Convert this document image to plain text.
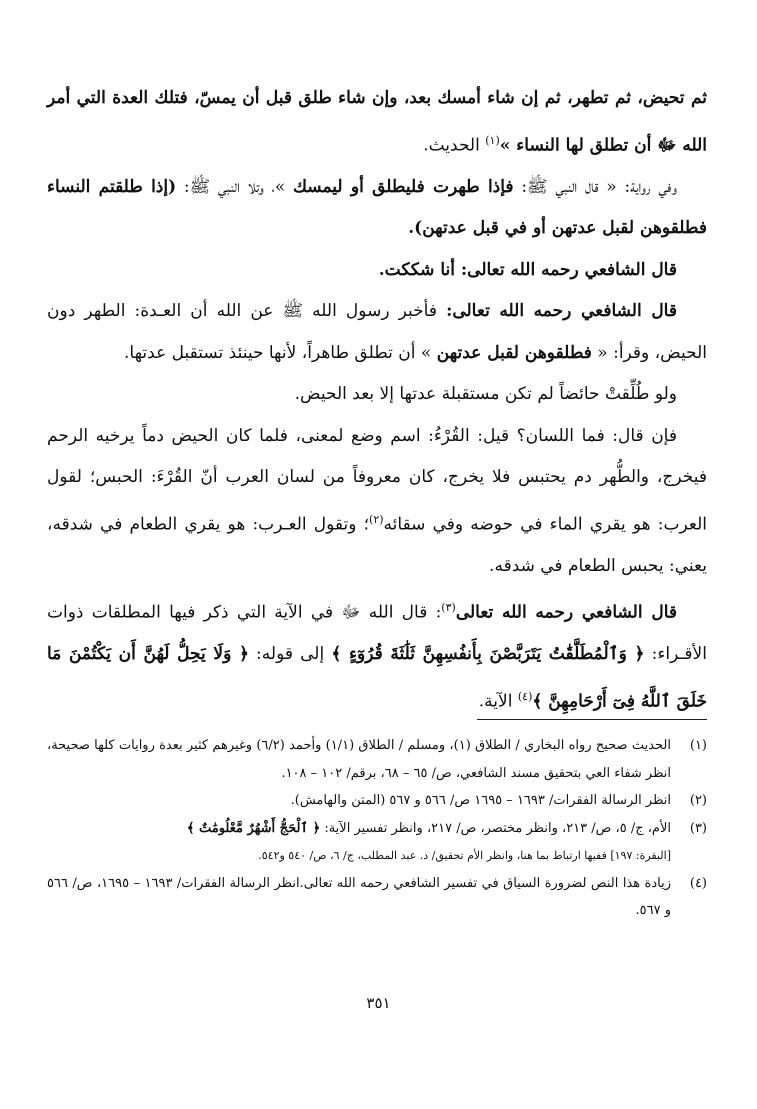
ثم تحيض، ثم تطهر، ثم إن شاء أمسك بعد، وإن شاء طلق قبل أن يمسّ، فتلك العدة التي أمر الله ﷻ أن تطلق لها النساء »$^{(١)}$ الحديث.

وفي رواية: « قال النبي ﷺ: فإذا طهرت فليطلق أو ليمسك »، وتلا النبي ﷺ: (إذا طلقتم النساء فطلقوهن لقبل عدتهن أو في قبل عدتهن).

قال الشافعي رحمه الله تعالى: أنا شككت.

قال الشافعي رحمه الله تعالى: فأخبر رسول الله ﷺ عن الله أن العـدة: الطهر دون الحيض، وقرأ: « فطلقوهن لقبل عدتهن » أن تطلق طاهراً، لأنها حينئذ تستقبل عدتها.

ولو طُلِّقتْ حائضاً لم تكن مستقبلة عدتها إلا بعد الحيض.

فإن قال: فما اللسان؟ قيل: القُرْءُ: اسم وضع لمعنى، فلما كان الحيض دماً يرخيه الرحم فيخرج، والطُّهر دم يحتبس فلا يخرج، كان معروفاً من لسان العرب أنّ القُرْءَ: الحبس؛ لقول العرب: هو يقري الماء في حوضه وفي سقائه$^{(٢)}$؛ وتقول العـرب: هو يقري الطعام في شدقه، يعني: يحبس الطعام في شدقه.

قال الشافعي رحمه الله تعالى$^{(٣)}$: قال الله ﷻ في الآية التي ذكر فيها المطلقات ذوات الأقـراء: ﴿ وَٱلْمُطَلَّقَٰتُ يَتَرَبَّصْنَ بِأَنفُسِهِنَّ ثَلَٰثَةَ قُرُوٓءٍ ﴾ إلى قوله: ﴿ وَلَا يَحِلُّ لَهُنَّ أَن يَكْتُمْنَ مَا خَلَقَ ٱللَّهُ فِىٓ أَرْحَامِهِنَّ ﴾$^{(٤)}$ الآية.

(١)
الحديث صحيح رواه البخاري / الطلاق (١)، ومسلم / الطلاق (١/١) وأحمد (٦/٢) وغيرهم كثير بعدة روايات كلها صحيحة، انظر شفاء العي بتحقيق مسند الشافعي، ص/ ٦٥ – ٦٨، برقم/ ١٠٢ – ١٠٨.
(٢)
انظر الرسالة الفقرات/ ١٦٩٣ – ١٦٩٥ ص/ ٥٦٦ و ٥٦٧ (المتن والهامش).
(٣)
الأم، ج/ ٥، ص/ ٢١٣، وانظر مختصر، ص/ ٢١٧، وانظر تفسير الآية: ﴿ ٱلْحَجُّ أَشْهُرٌ مَّعْلُومَٰتٌ ﴾
[البقرة: ١٩٧] ففيها ارتباط بما هنا، وانظر الأم تحقيق/ د. عبد المطلب، ج/ ٦، ص/ ٥٤٠ و٥٤٢.
(٤)
زيادة هذا النص لضرورة السياق في تفسير الشافعي رحمه الله تعالى.انظر الرسالة الفقرات/ ١٦٩٣ – ١٦٩٥، ص/ ٥٦٦ و ٥٦٧.
٣٥١
